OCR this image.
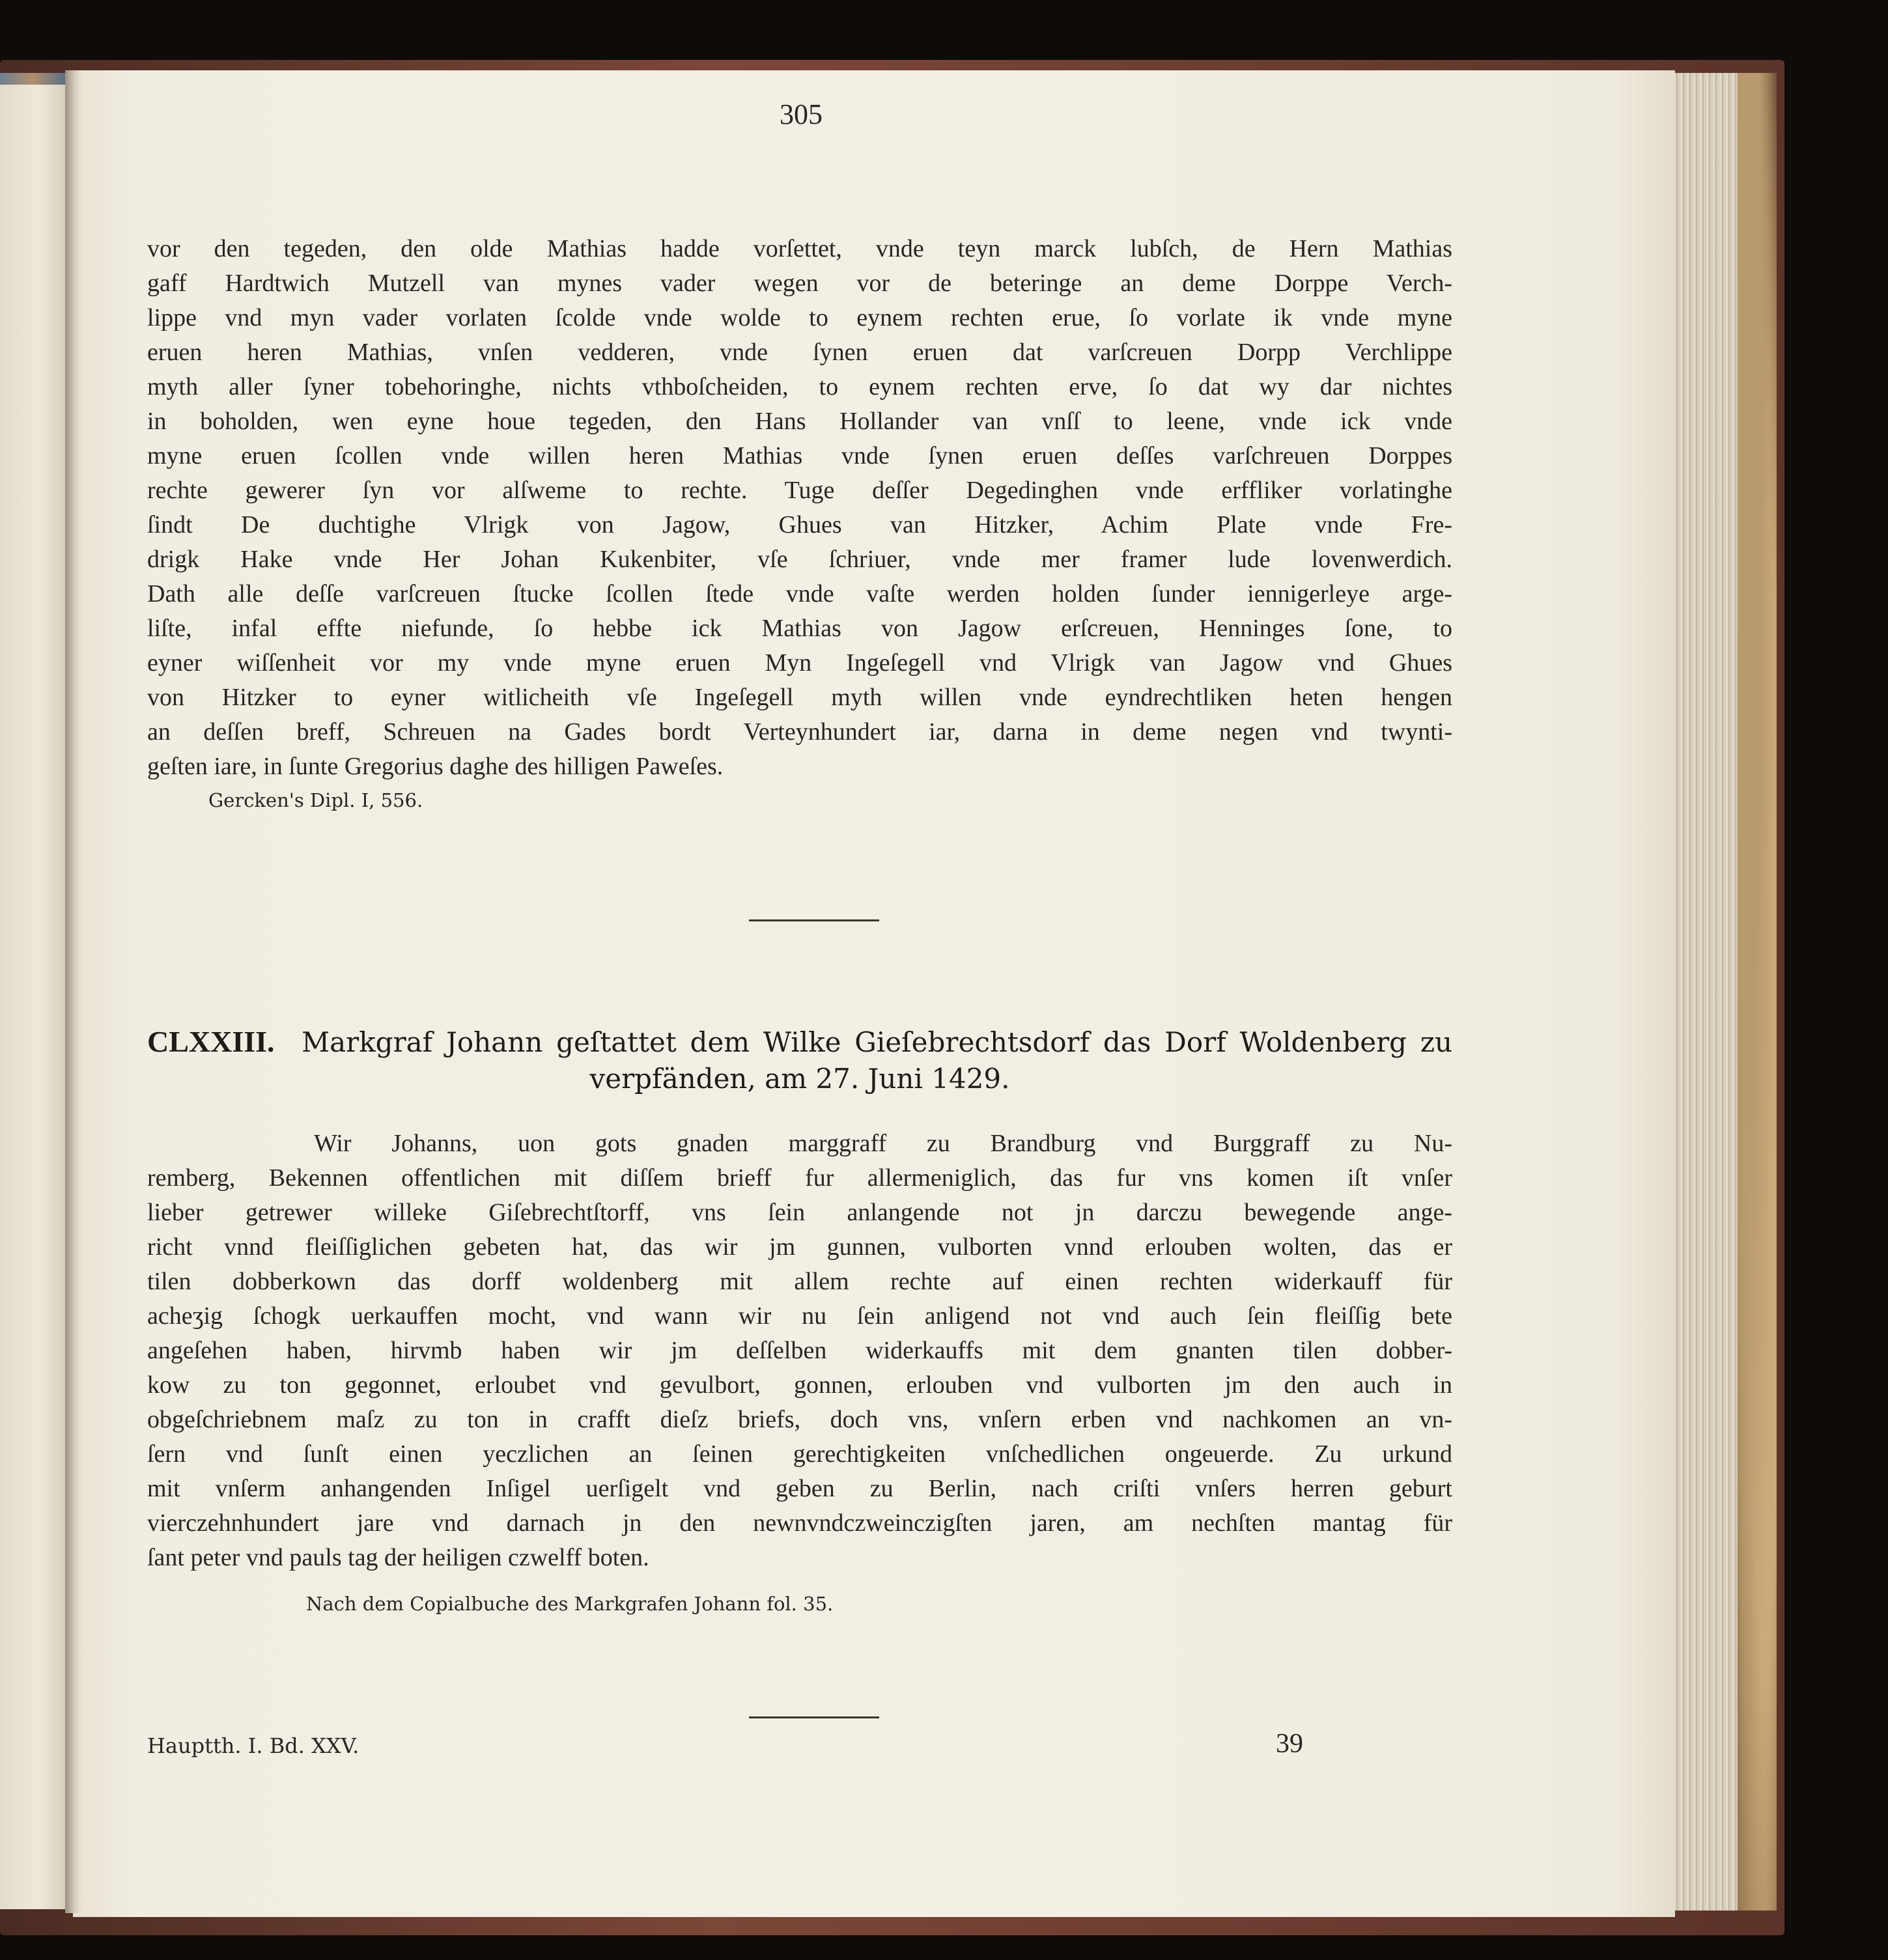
305
vor den tegeden, den olde Mathias hadde vorſettet, vnde teyn marck lubſch, de Hern Mathias
gaff Hardtwich Mutzell van mynes vader wegen vor de beteringe an deme Dorppe Verch-
lippe vnd myn vader vorlaten ſcolde vnde wolde to eynem rechten erue, ſo vorlate ik vnde myne
eruen heren Mathias, vnſen vedderen, vnde ſynen eruen dat varſcreuen Dorpp Verchlippe
myth aller ſyner tobehoringhe, nichts vthboſcheiden, to eynem rechten erve, ſo dat wy dar nichtes
in boholden, wen eyne houe tegeden, den Hans Hollander van vnſſ to leene, vnde ick vnde
myne eruen ſcollen vnde willen heren Mathias vnde ſynen eruen deſſes varſchreuen Dorppes
rechte gewerer ſyn vor alſweme to rechte. Tuge deſſer Degedinghen vnde erffliker vorlatinghe
ſindt De duchtighe Vlrigk von Jagow, Ghues van Hitzker, Achim Plate vnde Fre-
drigk Hake vnde Her Johan Kukenbiter, vſe ſchriuer, vnde mer framer lude lovenwerdich.
Dath alle deſſe varſcreuen ſtucke ſcollen ſtede vnde vaſte werden holden ſunder iennigerleye arge-
liſte, infal effte niefunde, ſo hebbe ick Mathias von Jagow erſcreuen, Henninges ſone, to
eyner wiſſenheit vor my vnde myne eruen Myn Ingeſegell vnd Vlrigk van Jagow vnd Ghues
von Hitzker to eyner witlicheith vſe Ingeſegell myth willen vnde eyndrechtliken heten hengen
an deſſen breff, Schreuen na Gades bordt Verteynhundert iar, darna in deme negen vnd twynti-
geſten iare, in ſunte Gregorius daghe des hilligen Paweſes.
Gercken's Dipl. I, 556.
CLXXIII. Markgraf Johann geſtattet dem Wilke Gieſebrechtsdorf das Dorf Woldenberg zu
verpfänden, am 27. Juni 1429.
Wir Johanns, uon gots gnaden marggraff zu Brandburg vnd Burggraff zu Nu-
remberg, Bekennen offentlichen mit diſſem brieff fur allermeniglich, das fur vns komen iſt vnſer
lieber getrewer willeke Giſebrechtſtorff, vns ſein anlangende not jn darczu bewegende ange-
richt vnnd fleiſſiglichen gebeten hat, das wir jm gunnen, vulborten vnnd erlouben wolten, das er
tilen dobberkown das dorff woldenberg mit allem rechte auf einen rechten widerkauff für
acheʒig ſchogk uerkauffen mocht, vnd wann wir nu ſein anligend not vnd auch ſein fleiſſig bete
angeſehen haben, hirvmb haben wir jm deſſelben widerkauffs mit dem gnanten tilen dobber-
kow zu ton gegonnet, erloubet vnd gevulbort, gonnen, erlouben vnd vulborten jm den auch in
obgeſchriebnem maſz zu ton in crafft dieſz briefs, doch vns, vnſern erben vnd nachkomen an vn-
ſern vnd ſunſt einen yeczlichen an ſeinen gerechtigkeiten vnſchedlichen ongeuerde. Zu urkund
mit vnſerm anhangenden Inſigel uerſigelt vnd geben zu Berlin, nach criſti vnſers herren geburt
vierczehnhundert jare vnd darnach jn den newnvndczweinczigſten jaren, am nechſten mantag für
ſant peter vnd pauls tag der heiligen czwelff boten.
Nach dem Copialbuche des Markgrafen Johann fol. 35.
Hauptth. I. Bd. XXV.	39
